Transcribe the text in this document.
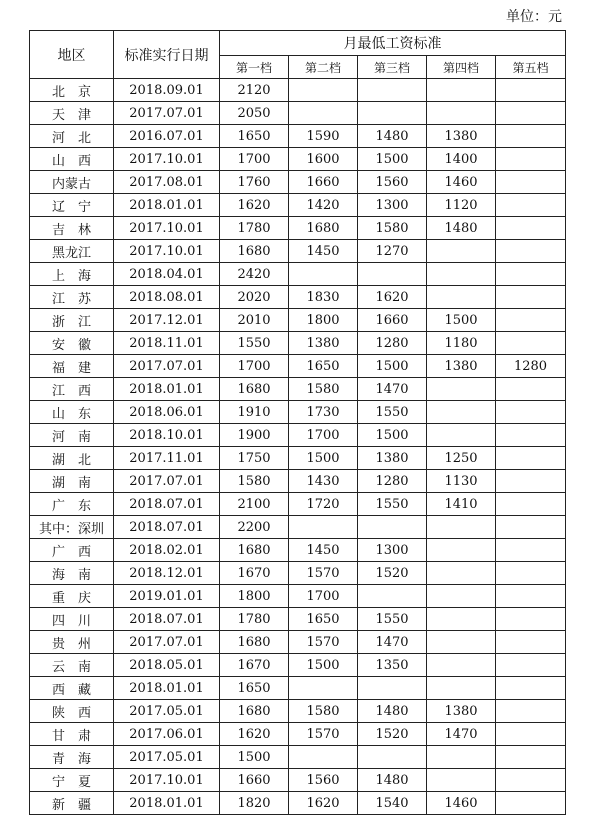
单位：元
地区	标准实行日期	月最低工资标准				
		第一档	第二档	第三档	第四档	第五档
北　京	2018.09.01	2120				
天　津	2017.07.01	2050				
河　北	2016.07.01	1650	1590	1480	1380	
山　西	2017.10.01	1700	1600	1500	1400	
内蒙古	2017.08.01	1760	1660	1560	1460	
辽　宁	2018.01.01	1620	1420	1300	1120	
吉　林	2017.10.01	1780	1680	1580	1480	
黑龙江	2017.10.01	1680	1450	1270		
上　海	2018.04.01	2420				
江　苏	2018.08.01	2020	1830	1620		
浙　江	2017.12.01	2010	1800	1660	1500	
安　徽	2018.11.01	1550	1380	1280	1180	
福　建	2017.07.01	1700	1650	1500	1380	1280
江　西	2018.01.01	1680	1580	1470		
山　东	2018.06.01	1910	1730	1550		
河　南	2018.10.01	1900	1700	1500		
湖　北	2017.11.01	1750	1500	1380	1250	
湖　南	2017.07.01	1580	1430	1280	1130	
广　东	2018.07.01	2100	1720	1550	1410	
其中：深圳	2018.07.01	2200				
广　西	2018.02.01	1680	1450	1300		
海　南	2018.12.01	1670	1570	1520		
重　庆	2019.01.01	1800	1700			
四　川	2018.07.01	1780	1650	1550		
贵　州	2017.07.01	1680	1570	1470		
云　南	2018.05.01	1670	1500	1350		
西　藏	2018.01.01	1650				
陕　西	2017.05.01	1680	1580	1480	1380	
甘　肃	2017.06.01	1620	1570	1520	1470	
青　海	2017.05.01	1500				
宁　夏	2017.10.01	1660	1560	1480		
新　疆	2018.01.01	1820	1620	1540	1460	
